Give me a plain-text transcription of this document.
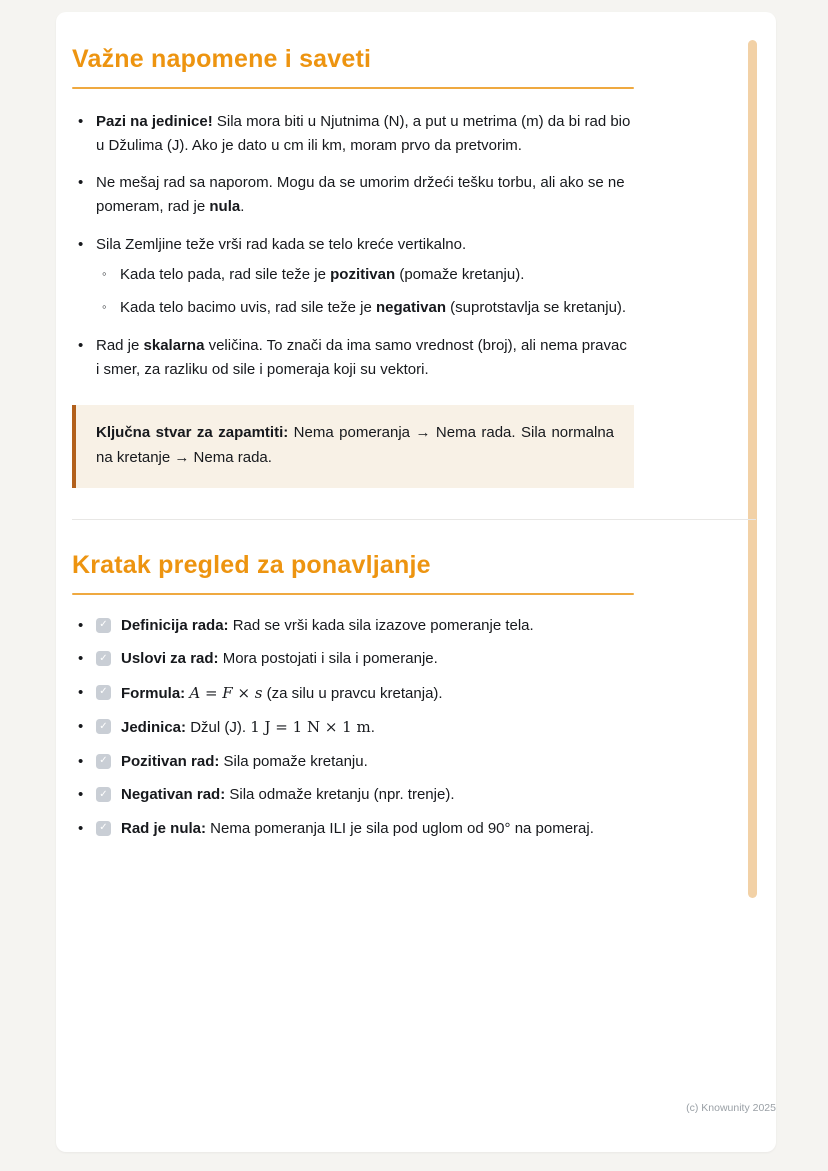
Važne napomene i saveti
• Pazi na jedinice! Sila mora biti u Njutnima (N), a put u metrima (m) da bi rad bio u Džulima (J). Ako je dato u cm ili km, moram prvo da pretvorim.
• Ne mešaj rad sa naporom. Mogu da se umorim držeći tešku torbu, ali ako se ne pomeram, rad je nula.
• Sila Zemljine teže vrši rad kada se telo kreće vertikalno.
◦ Kada telo pada, rad sile teže je pozitivan (pomaže kretanju).
◦ Kada telo bacimo uvis, rad sile teže je negativan (suprotstavlja se kretanju).
• Rad je skalarna veličina. To znači da ima samo vrednost (broj), ali nema pravac i smer, za razliku od sile i pomeraja koji su vektori.
Ključna stvar za zapamtiti: Nema pomeranja → Nema rada. Sila normalna na kretanje → Nema rada.
Kratak pregled za ponavljanje
•
✓ Definicija rada: Rad se vrši kada sila izazove pomeranje tela.
•
✓ Uslovi za rad: Mora postojati i sila i pomeranje.
•
✓ Formula: A = F × s (za silu u pravcu kretanja).
•
✓ Jedinica: Džul (J). 1 J = 1 N × 1 m.
•
✓ Pozitivan rad: Sila pomaže kretanju.
•
✓ Negativan rad: Sila odmaže kretanju (npr. trenje).
•
✓ Rad je nula: Nema pomeranja ILI je sila pod uglom od 90° na pomeraj.
(c) Knowunity 2025
